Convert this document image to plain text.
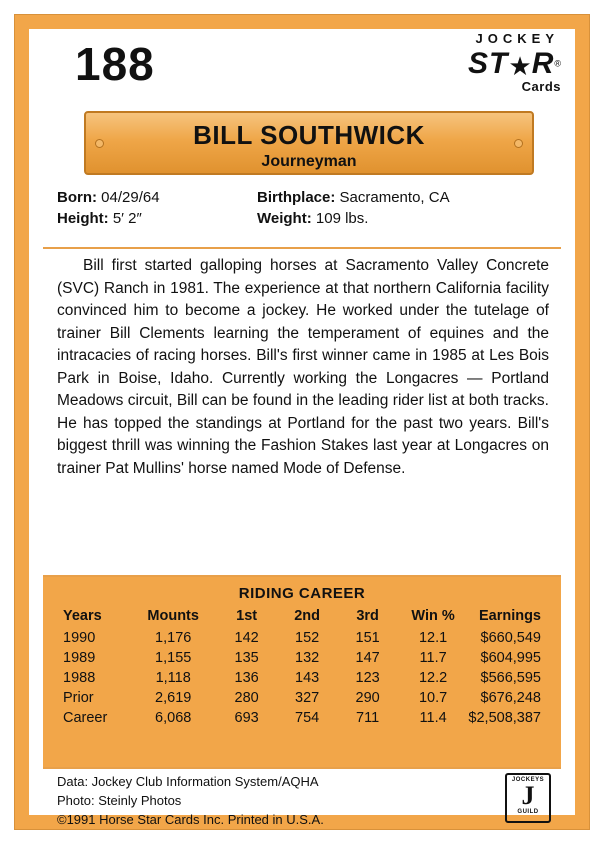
188	JOCKEY
ST★R®
Cards
BILL SOUTHWICK
Journeyman
Born: 04/29/64	Birthplace: Sacramento, CA
Height: 5′ 2″	Weight: 109 lbs.
Bill first started galloping horses at Sacramento Valley Concrete (SVC) Ranch in 1981. The experience at that northern California facility convinced him to become a jockey. He worked under the tutelage of trainer Bill Clements learning the temperament of equines and the intracacies of racing horses. Bill's first winner came in 1985 at Les Bois Park in Boise, Idaho. Currently working the Longacres — Portland Meadows circuit, Bill can be found in the leading rider list at both tracks. He has topped the standings at Portland for the past two years. Bill's biggest thrill was winning the Fashion Stakes last year at Longacres on trainer Pat Mullins' horse named Mode of Defense.
RIDING CAREER
Years	Mounts	1st	2nd	3rd	Win %	Earnings
1990	1,176	142	152	151	12.1	$660,549
1989	1,155	135	132	147	11.7	$604,995
1988	1,118	136	143	123	12.2	$566,595
Prior	2,619	280	327	290	10.7	$676,248
Career	6,068	693	754	711	11.4	$2,508,387
Data: Jockey Club Information System/AQHA
Photo: Steinly Photos
©1991 Horse Star Cards Inc. Printed in U.S.A.
JOCKEYS
J
GUILD
